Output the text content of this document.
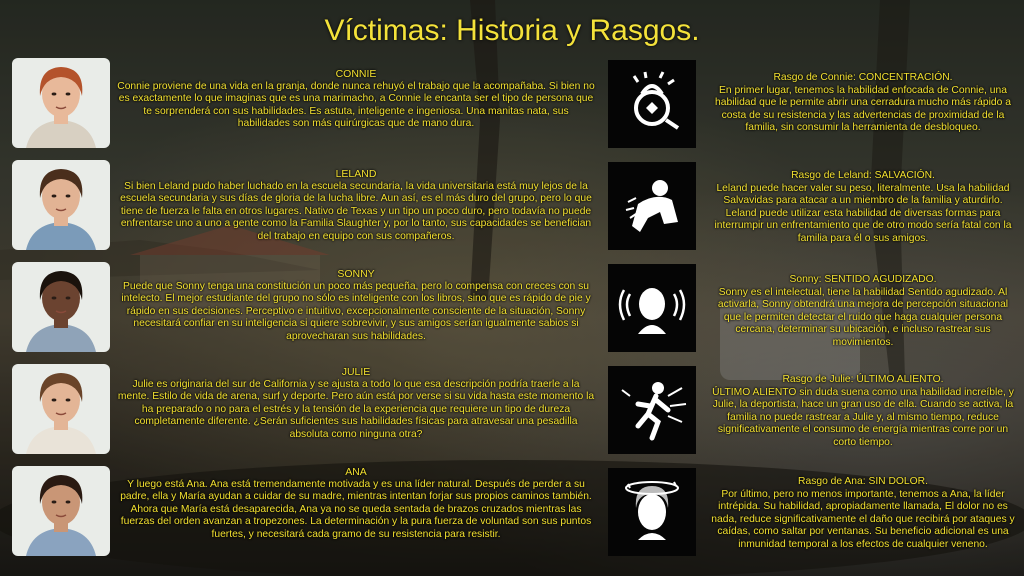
Víctimas: Historia y Rasgos.
CONNIE
Connie proviene de una vida en la granja, donde nunca rehuyó el trabajo que la acompañaba. Si bien no es exactamente lo que imaginas que es una marimacho, a Connie le encanta ser el tipo de persona que te sorprenderá con sus habilidades. Es astuta, inteligente e ingeniosa. Una manitas nata, sus habilidades son más quirúrgicas que de mano dura.
Rasgo de Connie: CONCENTRACIÓN.
En primer lugar, tenemos la habilidad enfocada de Connie, una habilidad que le permite abrir una cerradura mucho más rápido a costa de su resistencia y las advertencias de proximidad de la familia, sin consumir la herramienta de desbloqueo.
LELAND
Si bien Leland pudo haber luchado en la escuela secundaria, la vida universitaria está muy lejos de la escuela secundaria y sus días de gloria de la lucha libre. Aun así, es el más duro del grupo, pero lo que tiene de fuerza le falta en otros lugares. Nativo de Texas y un tipo un poco duro, pero todavía no puede enfrentarse uno a uno a gente como la Familia Slaughter y, por lo tanto, sus capacidades se benefician del trabajo en equipo con sus compañeros.
Rasgo de Leland: SALVACIÓN.
Leland puede hacer valer su peso, literalmente. Usa la habilidad Salvavidas para atacar a un miembro de la familia y aturdirlo. Leland puede utilizar esta habilidad de diversas formas para interrumpir un enfrentamiento que de otro modo sería fatal con la familia para él o sus amigos.
SONNY
Puede que Sonny tenga una constitución un poco más pequeña, pero lo compensa con creces con su intelecto. El mejor estudiante del grupo no sólo es inteligente con los libros, sino que es rápido de pie y rápido en sus decisiones. Perceptivo e intuitivo, excepcionalmente consciente de la situación, Sonny necesitará confiar en su inteligencia si quiere sobrevivir, y sus amigos serían igualmente sabios si aprovecharan sus habilidades.
Sonny: SENTIDO AGUDIZADO.
Sonny es el intelectual, tiene la habilidad Sentido agudizado. Al activarla, Sonny obtendrá una mejora de percepción situacional que le permiten detectar el ruido que haga cualquier persona cercana, determinar su ubicación, e incluso rastrear sus movimientos.
JULIE
Julie es originaria del sur de California y se ajusta a todo lo que esa descripción podría traerle a la mente. Estilo de vida de arena, surf y deporte. Pero aún está por verse si su vida hasta este momento la ha preparado o no para el estrés y la tensión de la experiencia que requiere un tipo de dureza completamente diferente. ¿Serán suficientes sus habilidades físicas para atravesar una pesadilla absoluta como ninguna otra?
Rasgo de Julie: ÚLTIMO ALIENTO.
ÚLTIMO ALIENTO sin duda suena como una habilidad increíble, y Julie, la deportista, hace un gran uso de ella. Cuando se activa, la familia no puede rastrear a Julie y, al mismo tiempo, reduce significativamente el consumo de energía mientras corre por un corto tiempo.
ANA
Y luego está Ana. Ana está tremendamente motivada y es una líder natural. Después de perder a su padre, ella y María ayudan a cuidar de su madre, mientras intentan forjar sus propios caminos también. Ahora que María está desaparecida, Ana ya no se queda sentada de brazos cruzados mientras las fuerzas del orden avanzan a tropezones. La determinación y la pura fuerza de voluntad son sus puntos fuertes, y necesitará cada gramo de su resistencia para resistir.
Rasgo de Ana: SIN DOLOR.
Por último, pero no menos importante, tenemos a Ana, la líder intrépida. Su habilidad, apropiadamente llamada, El dolor no es nada, reduce significativamente el daño que recibirá por ataques y caídas, como saltar por ventanas. Su beneficio adicional es una inmunidad temporal a los efectos de cualquier veneno.
